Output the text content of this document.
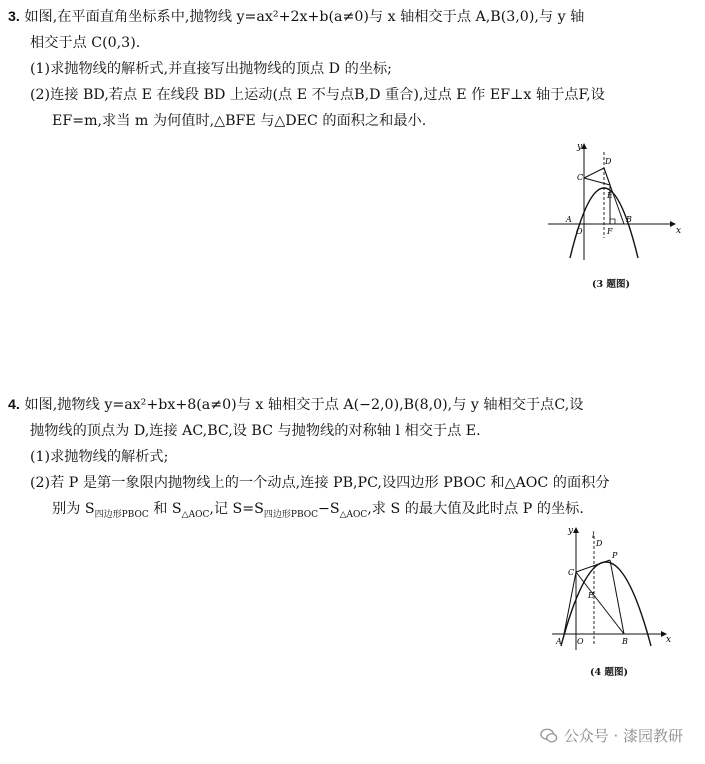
3. 如图,在平面直角坐标系中,抛物线 y=ax²+2x+b(a≠0)与 x 轴相交于点 A,B(3,0),与 y 轴
相交于点 C(0,3).
(1)求抛物线的解析式,并直接写出抛物线的顶点 D 的坐标;
(2)连接 BD,若点 E 在线段 BD 上运动(点 E 不与点B,D 重合),过点 E 作 EF⊥x 轴于点F,设
EF=m,求当 m 为何值时,△BFE 与△DEC 的面积之和最小.
y
x
D
C
E
A
O	F
B
(3 题图)
4. 如图,抛物线 y=ax²+bx+8(a≠0)与 x 轴相交于点 A(−2,0),B(8,0),与 y 轴相交于点C,设
抛物线的顶点为 D,连接 AC,BC,设 BC 与抛物线的对称轴 l 相交于点 E.
(1)求抛物线的解析式;
(2)若 P 是第一象限内抛物线上的一个动点,连接 PB,PC,设四边形 PBOC 和△AOC 的面积分
别为 $S_{四边形PBOC}$ 和 $S_{\triangle AOC}$,记 $S=S_{四边形PBOC}-S_{\triangle AOC}$,求 S 的最大值及此时点 P 的坐标.
y
x
l
D
P
C
E
A O	B
(4 题图)
公众号 · 漆园教研
